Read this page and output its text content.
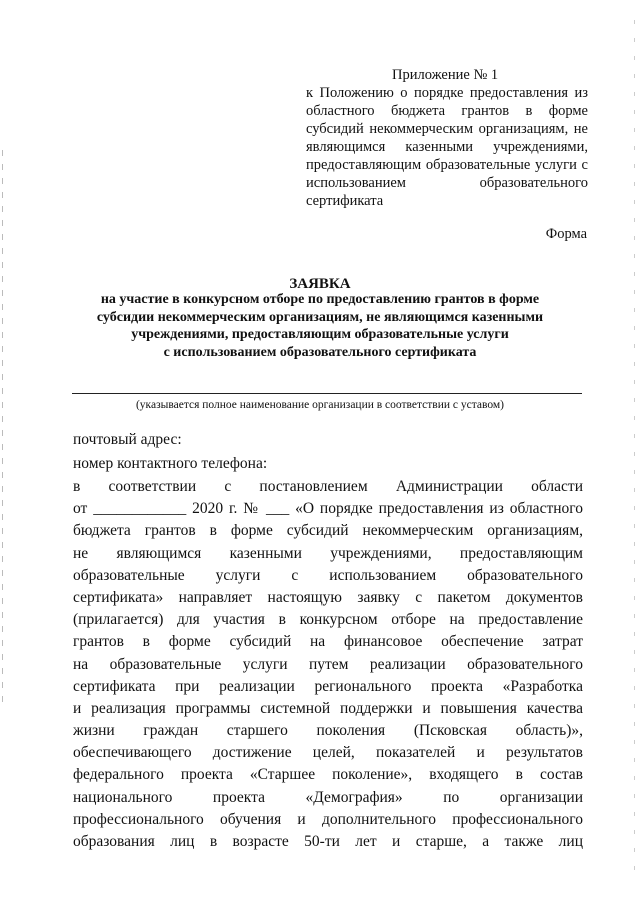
Приложение № 1
к Положению о порядке предоставления из областного бюджета грантов в форме субсидий некоммерческим организациям, не являющимся казенными учреждениями, предоставляющим образовательные услуги с использованием образовательного сертификата
Форма
ЗАЯВКА
на участие в конкурсном отборе по предоставлению грантов в форме
субсидии некоммерческим организациям, не являющимся казенными
учреждениями, предоставляющим образовательные услуги
с использованием образовательного сертификата
(указывается полное наименование организации в соответствии с уставом)
почтовый адрес:
номер контактного телефона:
в соответствии с постановлением Администрации области
от ____________ 2020 г. № ___ «О порядке предоставления из областного
бюджета грантов в форме субсидий некоммерческим организациям,
не являющимся казенными учреждениями, предоставляющим
образовательные услуги с использованием образовательного
сертификата» направляет настоящую заявку с пакетом документов
(прилагается) для участия в конкурсном отборе на предоставление
грантов в форме субсидий на финансовое обеспечение затрат
на образовательные услуги путем реализации образовательного
сертификата при реализации регионального проекта «Разработка
и реализация программы системной поддержки и повышения качества
жизни граждан старшего поколения (Псковская область)»,
обеспечивающего достижение целей, показателей и результатов
федерального проекта «Старшее поколение», входящего в состав
национального проекта «Демография» по организации
профессионального обучения и дополнительного профессионального
образования лиц в возрасте 50-ти лет и старше, а также лиц
